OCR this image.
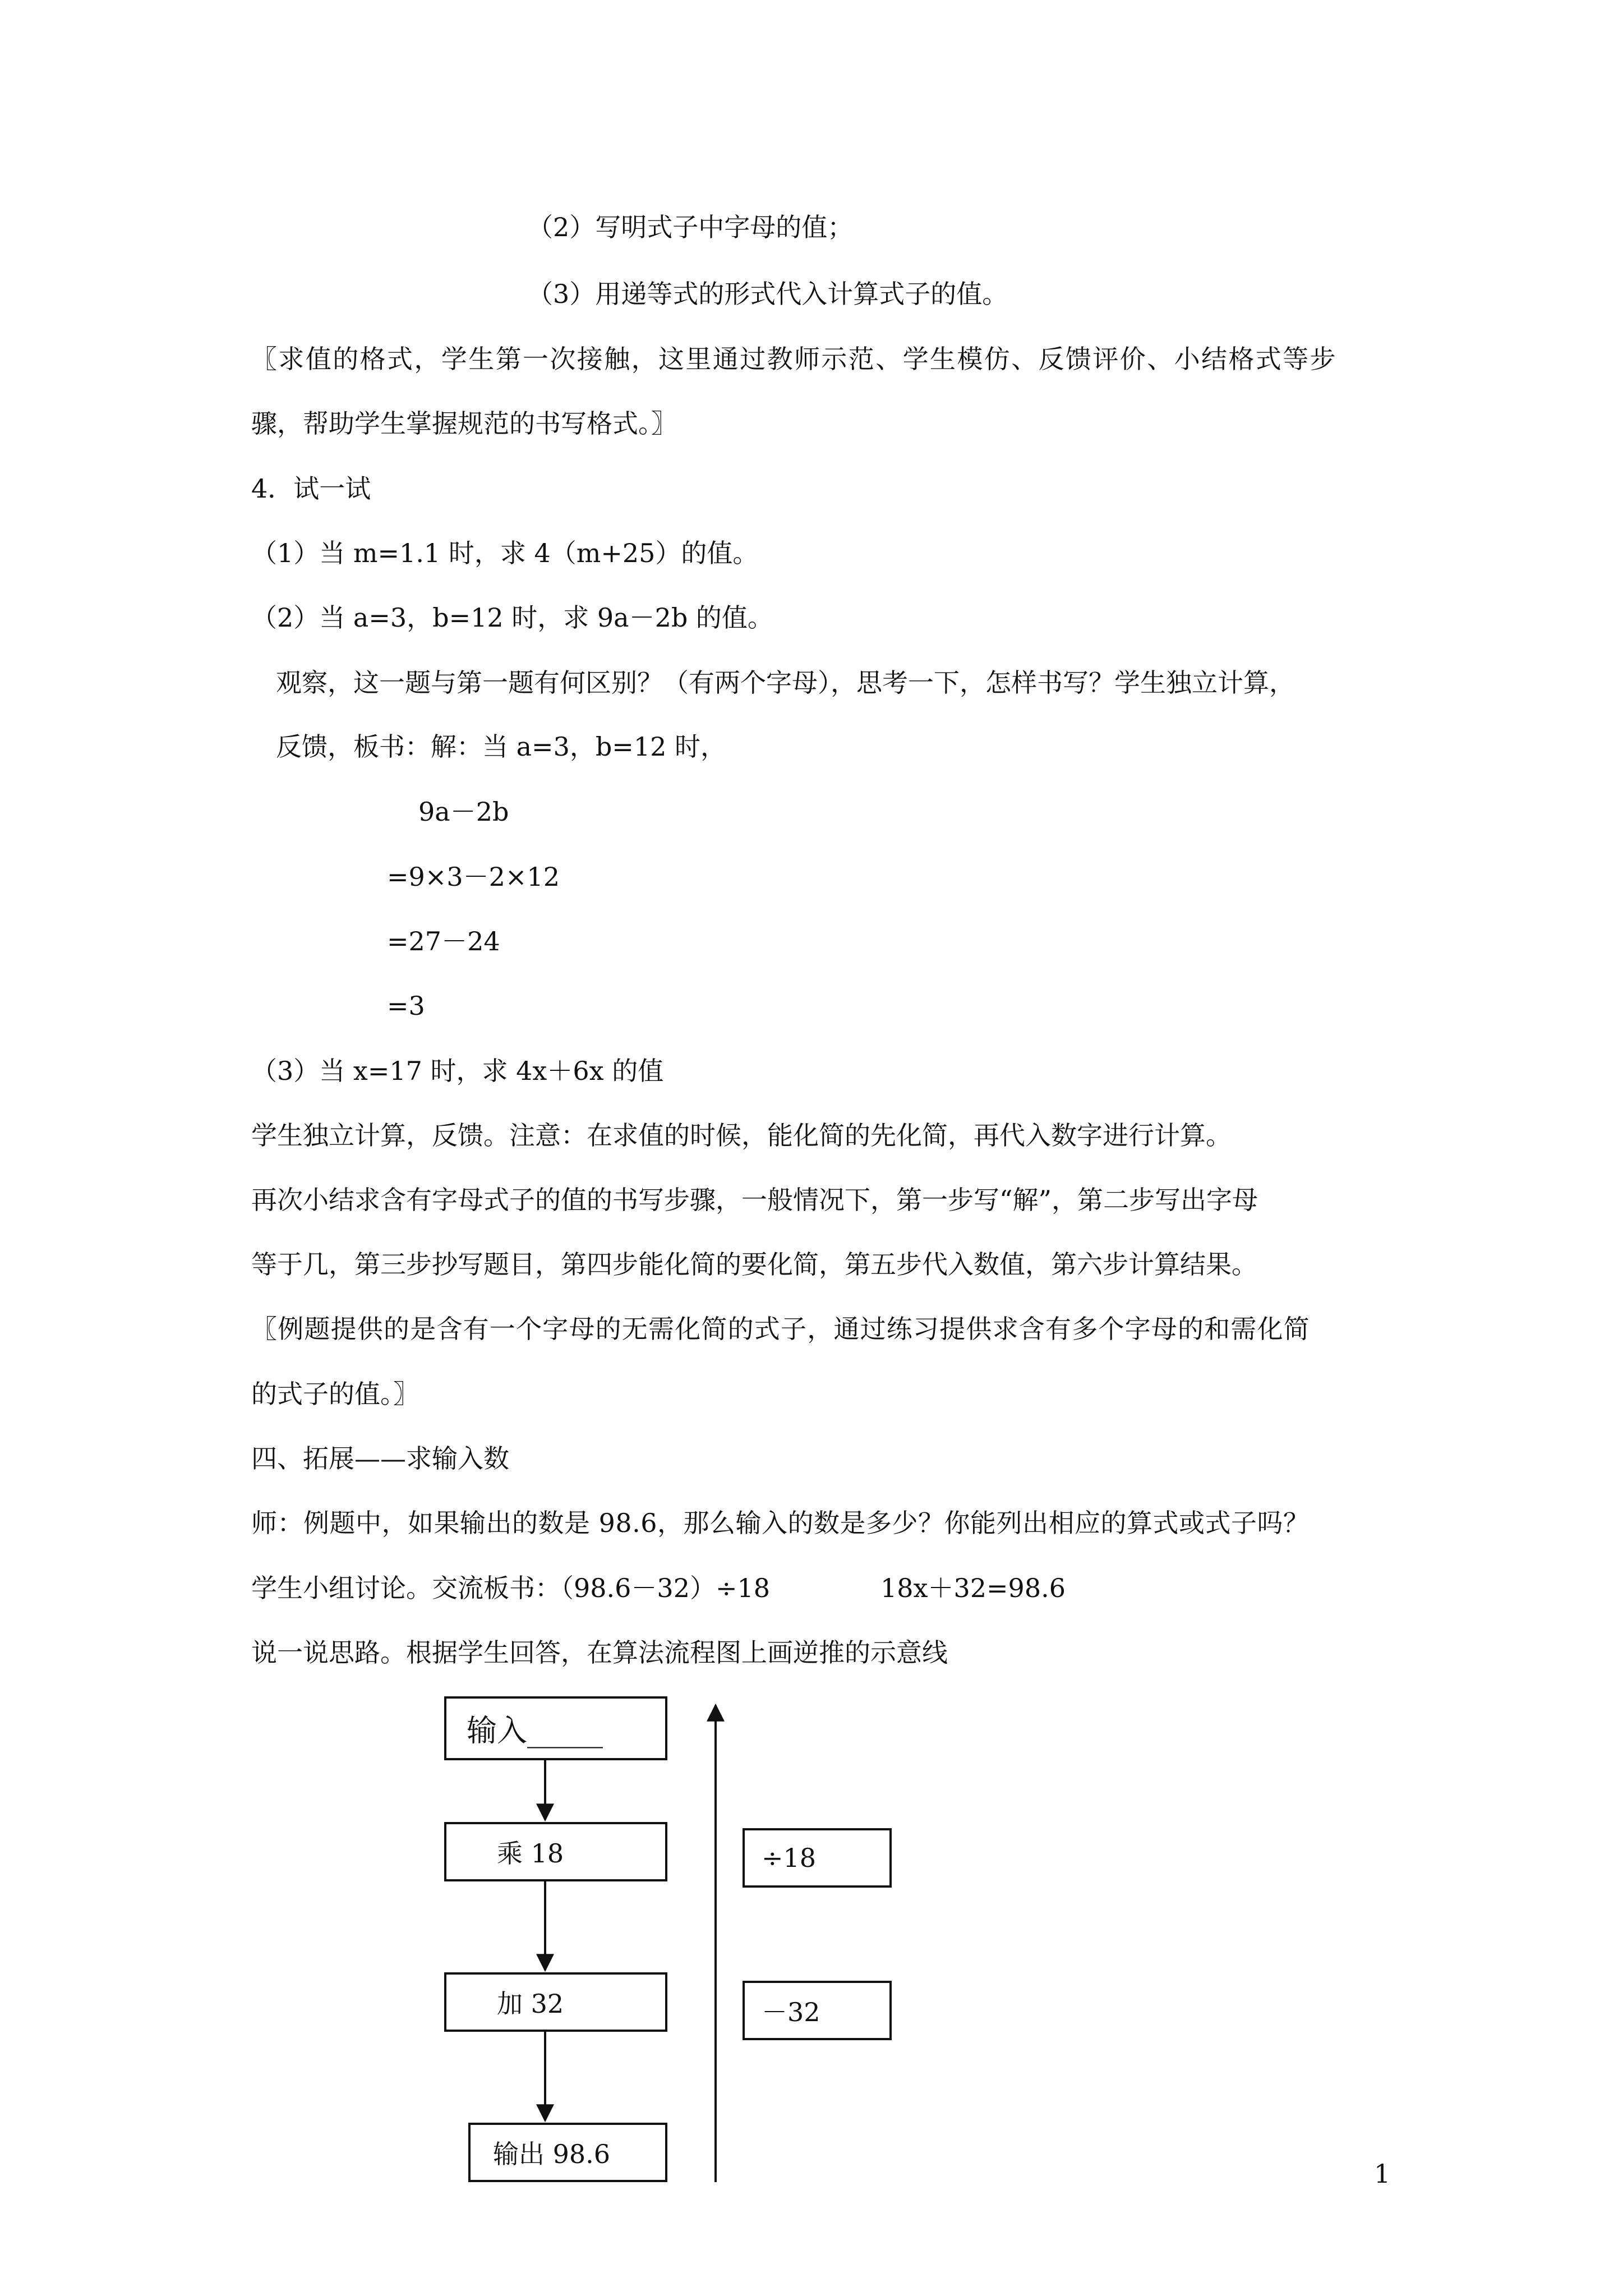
（2）写明式子中字母的值；
（3）用递等式的形式代入计算式子的值。
〖求值的格式，学生第一次接触，这里通过教师示范、学生模仿、反馈评价、小结格式等步
骤，帮助学生掌握规范的书写格式。〗
4．试一试
（1）当 m=1.1 时，求 4（m+25）的值。
（2）当 a=3，b=12 时，求 9a－2b 的值。
观察，这一题与第一题有何区别？（有两个字母），思考一下，怎样书写？学生独立计算，
反馈，板书：解：当 a=3，b=12 时，
9a－2b
=9×3－2×12
=27－24
=3
（3）当 x=17 时，求 4x＋6x 的值
学生独立计算，反馈。注意：在求值的时候，能化简的先化简，再代入数字进行计算。
再次小结求含有字母式子的值的书写步骤，一般情况下，第一步写“解”，第二步写出字母
等于几，第三步抄写题目，第四步能化简的要化简，第五步代入数值，第六步计算结果。
〖例题提供的是含有一个字母的无需化简的式子，通过练习提供求含有多个字母的和需化简
的式子的值。〗
四、拓展——求输入数
师：例题中，如果输出的数是 98.6，那么输入的数是多少？你能列出相应的算式或式子吗？
学生小组讨论。交流板书：（98.6－32）÷18	18x＋32=98.6
说一说思路。根据学生回答，在算法流程图上画逆推的示意线
输入_____
乘 18
加 32
输出 98.6
÷18
－32
1
